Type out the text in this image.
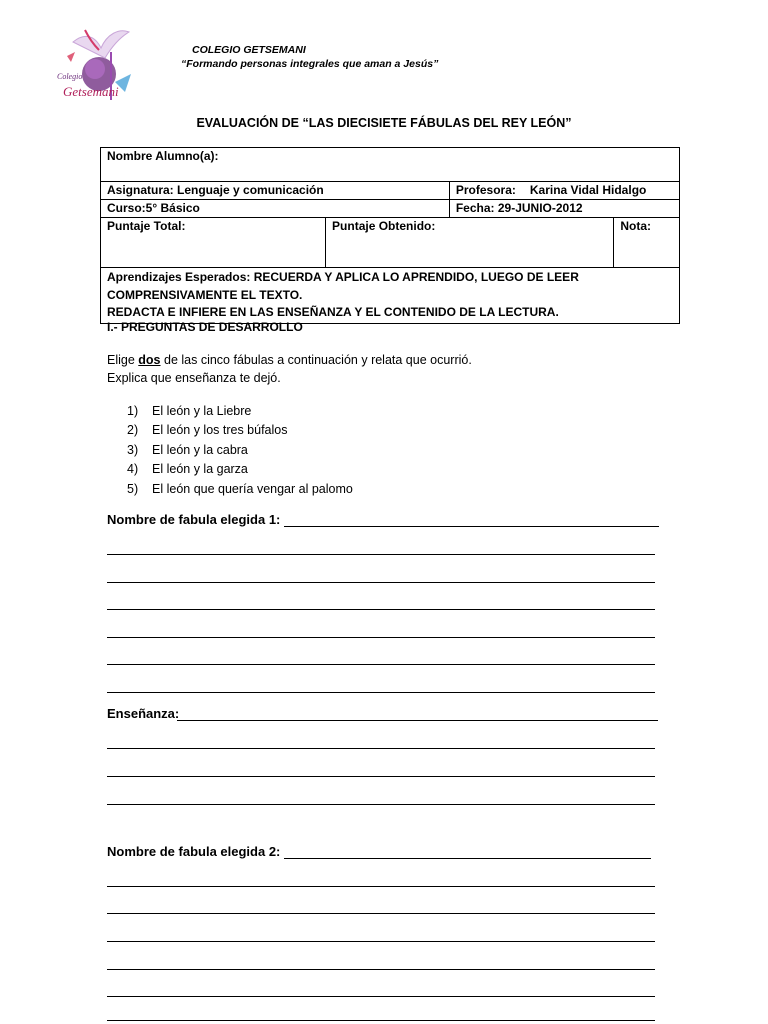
Colegio
Getsemani
COLEGIO GETSEMANI
“Formando personas integrales que aman a Jesús”
EVALUACIÓN DE “LAS DIECISIETE FÁBULAS DEL REY LEÓN”
Nombre Alumno(a):			
Asignatura: Lenguaje y comunicación		Profesora: Karina Vidal Hidalgo	
Curso:5° Básico		Fecha: 29-JUNIO-2012	
Puntaje Total:	Puntaje Obtenido:		Nota:

Aprendizajes Esperados: RECUERDA Y APLICA LO APRENDIDO, LUEGO DE LEER
COMPRENSIVAMENTE EL TEXTO.
REDACTA E INFIERE EN LAS ENSEÑANZA Y EL CONTENIDO DE LA LECTURA.			
I.- PREGUNTAS DE DESARROLLO
Elige dos de las cinco fábulas a continuación y relata que ocurrió.
Explica que enseñanza te dejó.
1) El león y la Liebre
2) El león y los tres búfalos
3) El león y la cabra
4) El león y la garza
5) El león que quería vengar al palomo
Nombre de fabula elegida 1:
Enseñanza:
Nombre de fabula elegida 2:
